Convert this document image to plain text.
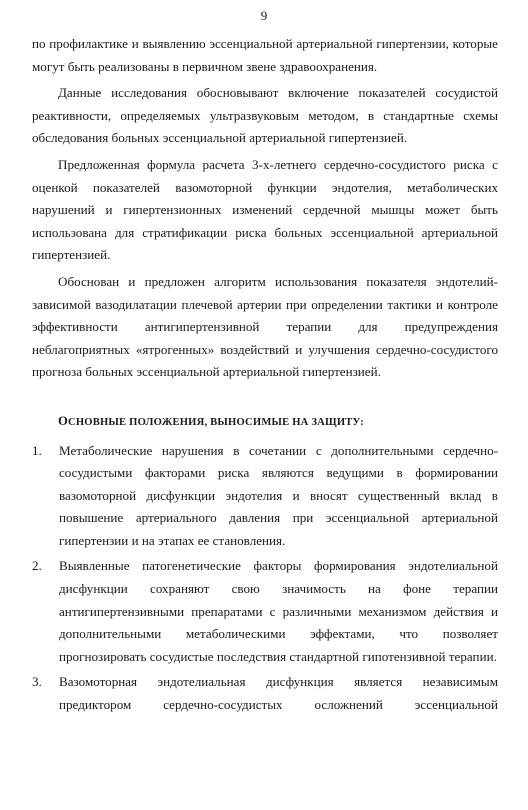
9

по профилактике и выявлению эссенциальной артериальной гипертензии, которые могут быть реализованы в первичном звене здравоохранения.

Данные исследования обосновывают включение показателей сосудистой реактивности, определяемых ультразвуковым методом, в стандартные схемы обследования больных эссенциальной артериальной гипертензией.

Предложенная формула расчета 3-х-летнего сердечно-сосудистого риска с оценкой показателей вазомоторной функции эндотелия, метаболических нарушений и гипертензионных изменений сердечной мышцы может быть использована для стратификации риска больных эссенциальной артериальной гипертензией.

Обоснован и предложен алгоритм использования показателя эндотелий-зависимой вазодилатации плечевой артерии при определении тактики и контроле эффективности антигипертензивной терапии для предупреждения неблагоприятных «ятрогенных» воздействий и улучшения сердечно-сосудистого прогноза больных эссенциальной артериальной гипертензией.

ОСНОВНЫЕ ПОЛОЖЕНИЯ, ВЫНОСИМЫЕ НА ЗАЩИТУ:
1. Метаболические нарушения в сочетании с дополнительными сердечно-сосудистыми факторами риска являются ведущими в формировании вазомоторной дисфункции эндотелия и вносят существенный вклад в повышение артериального давления при эссенциальной артериальной гипертензии и на этапах ее становления.
2. Выявленные патогенетические факторы формирования эндотелиальной дисфункции сохраняют свою значимость на фоне терапии антигипертензивными препаратами с различными механизмом действия и дополнительными метаболическими эффектами, что позволяет прогнозировать сосудистые последствия стандартной гипотензивной терапии.
3. Вазомоторная эндотелиальная дисфункция является независимым предиктором сердечно-сосудистых осложнений эссенциальной
